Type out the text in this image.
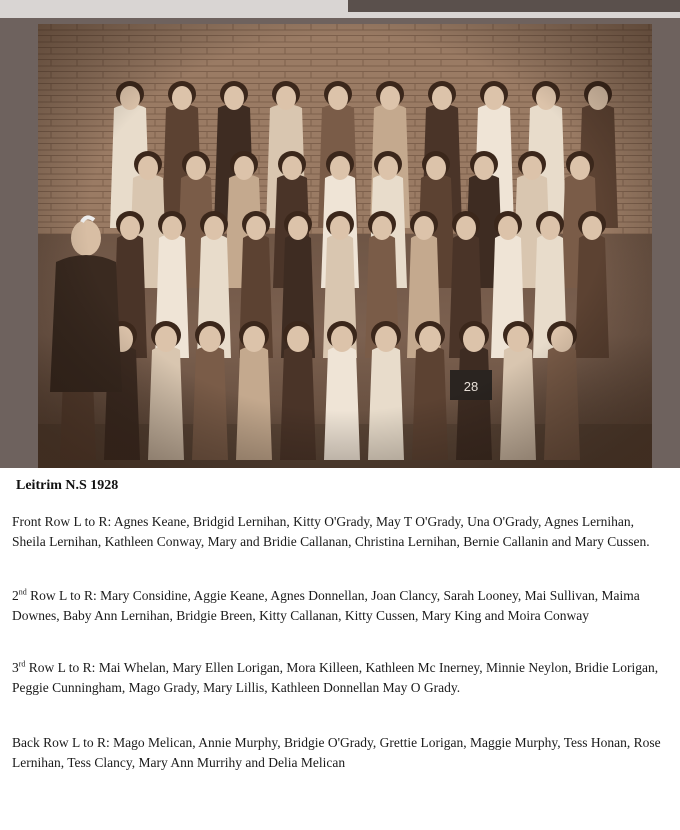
Leitrim N.S 1928
Front Row L to R: Agnes Keane, Bridgid Lernihan, Kitty O'Grady, May T O'Grady, Una O'Grady, Agnes Lernihan, Sheila Lernihan, Kathleen Conway, Mary and Bridie Callanan, Christina Lernihan, Bernie Callanin and Mary Cussen.
2nd Row L to R: Mary Considine, Aggie Keane, Agnes Donnellan, Joan Clancy, Sarah Looney, Mai Sullivan, Maima Downes, Baby Ann Lernihan, Bridgie Breen, Kitty Callanan, Kitty Cussen, Mary King and Moira Conway
3rd Row L to R: Mai Whelan, Mary Ellen Lorigan, Mora Killeen, Kathleen Mc Inerney, Minnie Neylon, Bridie Lorigan, Peggie Cunningham, Mago Grady, Mary Lillis, Kathleen Donnellan May O Grady.
Back Row L to R: Mago Melican, Annie Murphy, Bridgie O'Grady, Grettie Lorigan, Maggie Murphy, Tess Honan, Rose Lernihan, Tess Clancy, Mary Ann Murrihy and Delia Melican
